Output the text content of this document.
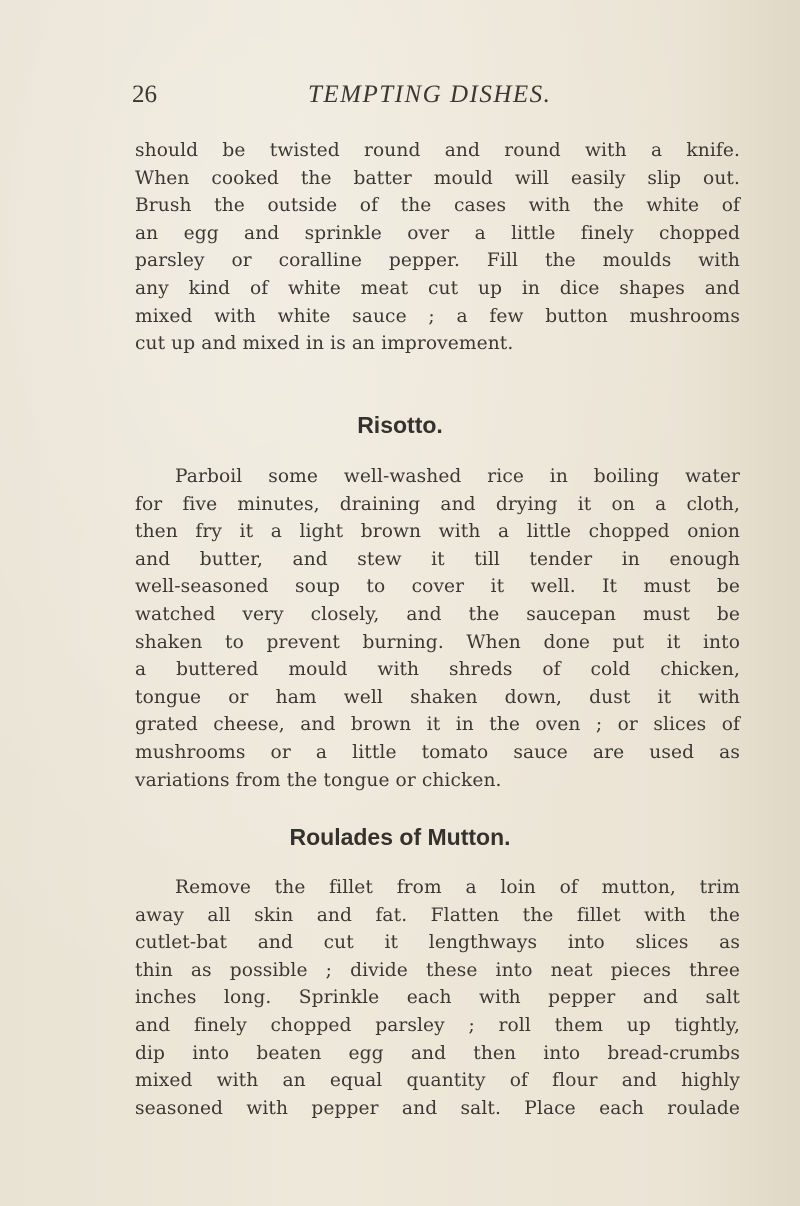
26	TEMPTING DISHES.
should be twisted round and round with a knife.
When cooked the batter mould will easily slip out.
Brush the outside of the cases with the white of
an egg and sprinkle over a little finely chopped
parsley or coralline pepper. Fill the moulds with
any kind of white meat cut up in dice shapes and
mixed with white sauce ; a few button mushrooms
cut up and mixed in is an improvement.
Risotto.
Parboil some well-washed rice in boiling water
for five minutes, draining and drying it on a cloth,
then fry it a light brown with a little chopped onion
and butter, and stew it till tender in enough
well-seasoned soup to cover it well. It must be
watched very closely, and the saucepan must be
shaken to prevent burning. When done put it into
a buttered mould with shreds of cold chicken,
tongue or ham well shaken down, dust it with
grated cheese, and brown it in the oven ; or slices of
mushrooms or a little tomato sauce are used as
variations from the tongue or chicken.
Roulades of Mutton.
Remove the fillet from a loin of mutton, trim
away all skin and fat. Flatten the fillet with the
cutlet-bat and cut it lengthways into slices as
thin as possible ; divide these into neat pieces three
inches long. Sprinkle each with pepper and salt
and finely chopped parsley ; roll them up tightly,
dip into beaten egg and then into bread-crumbs
mixed with an equal quantity of flour and highly
seasoned with pepper and salt. Place each roulade
